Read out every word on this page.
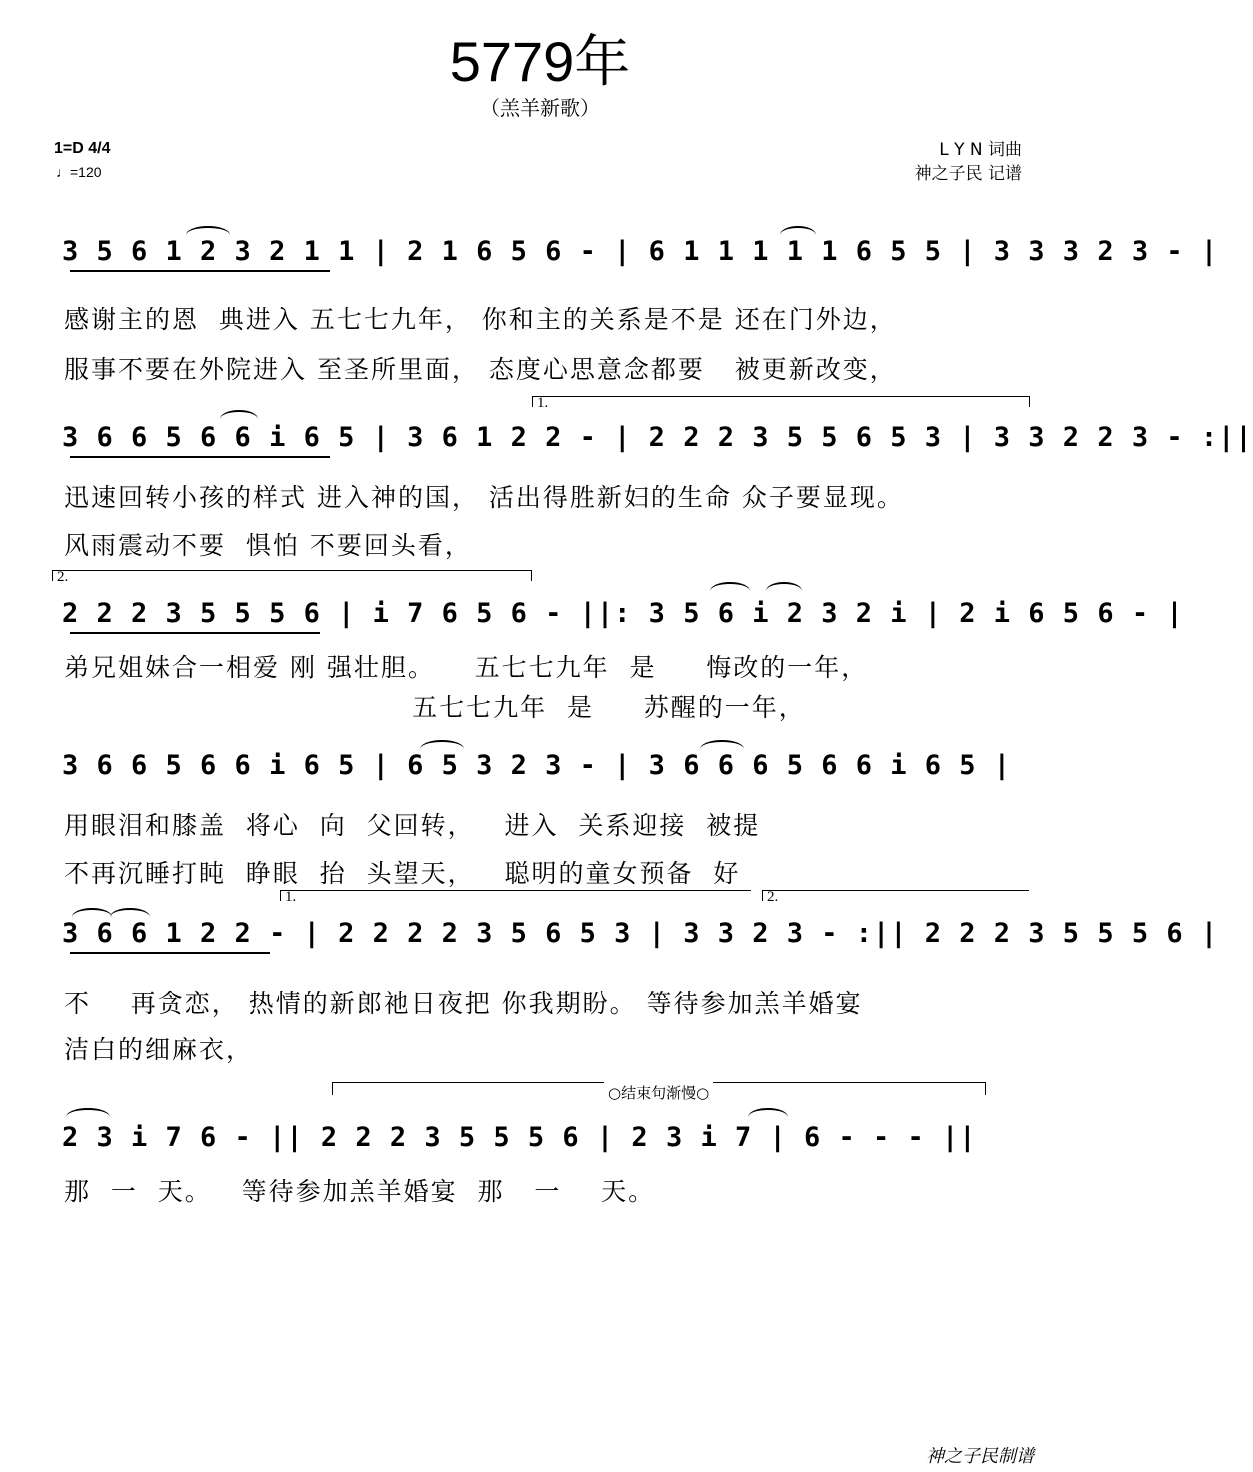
5779年
（羔羊新歌）
1=D 4/4
♩=120
L Y N 词曲
神之子民 记谱
3 5 6 1 2 3 2 1 1 | 2 1 6 5 6 - | 6 1 1 1 1 1 6 5 5 | 3 3 3 2 3 - |
感谢主的恩  典进入 五七七九年， 你和主的关系是不是 还在门外边，
服事不要在外院进入 至圣所里面， 态度心思意念都要   被更新改变，
1.
3 6 6 5 6 6 i 6 5 | 3 6 1 2 2 - | 2 2 2 3 5 5 6 5 3 | 3 3 2 2 3 - :||
迅速回转小孩的样式 进入神的国， 活出得胜新妇的生命 众子要显现。
风雨震动不要  惧怕 不要回头看，
2.
2 2 2 3 5 5 5 6 | i 7 6 5 6 - ||: 3 5 6 i 2 3 2 i | 2 i 6 5 6 - |
弟兄姐妹合一相爱 刚 强壮胆。    五七七九年  是     悔改的一年，
五七七九年  是     苏醒的一年，
3 6 6 5 6 6 i 6 5 | 6 5 3 2 3 - | 3 6 6 6 5 6 6 i 6 5 |
用眼泪和膝盖  将心  向  父回转，   进入  关系迎接  被提
不再沉睡打盹  睁眼  抬  头望天，   聪明的童女预备  好
1.	2.
3 6 6 1 2 2 - | 2 2 2 2 3 5 6 5 3 | 3 3 2 3 - :|| 2 2 2 3 5 5 5 6 |
不    再贪恋， 热情的新郎祂日夜把 你我期盼。 等待参加羔羊婚宴
洁白的细麻衣，
○结束句渐慢○
2 3 i 7 6 - || 2 2 2 3 5 5 5 6 | 2 3 i 7 | 6 - - - ||
那  一  天。   等待参加羔羊婚宴  那   一    天。
神之子民制谱
